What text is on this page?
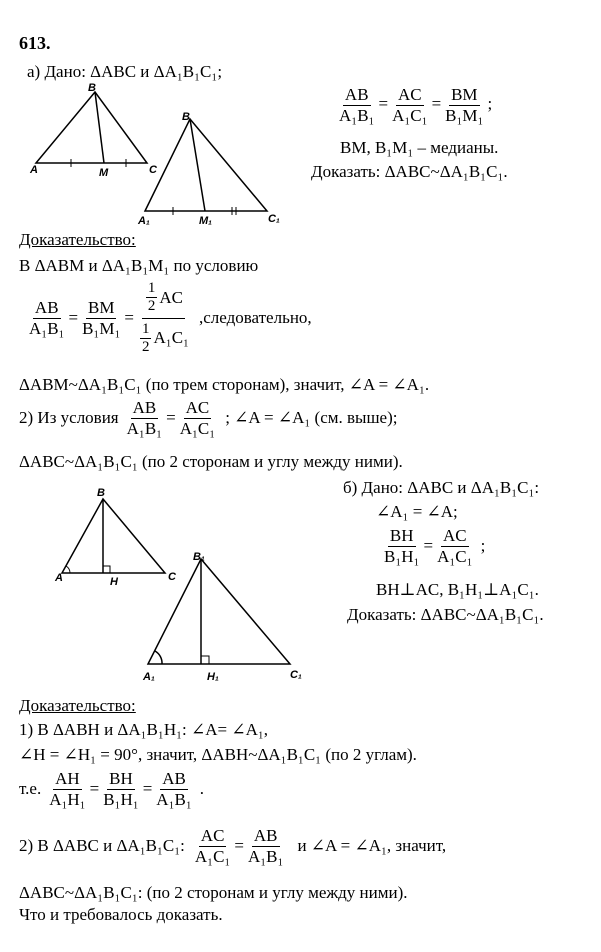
613.
а) Дано: ΔABC и ΔA₁B₁C₁;
$\frac{AB}{\text{A₁B₁}} = \frac{AC}{\text{A₁C₁}} = \frac{BM}{\text{B₁M₁}}$ ;
BM, B₁M₁ – медианы.
Доказать: ΔABC~ΔA₁B₁C₁.
B
A	M	C
B
A₁	M₁	C₁
B
A	H	C
B₁
A₁	H₁	C₁
Доказательство:
В ΔABM и ΔA₁B₁M₁ по условию
$\frac{AB}{\text{A₁B₁}} = \frac{BM}{\text{B₁M₁}} = \frac{\frac{1}{2} AC}{\frac{1}{2} A_1C_1}$ ,следовательно,
ΔABM~ΔA₁B₁C₁ (по трем сторонам), значит, ∠A = ∠A₁.
2) Из условия $\frac{AB}{\text{A₁B₁}} = \frac{AC}{\text{A₁C₁}}$ ; ∠A = ∠A₁ (см. выше);
ΔABC~ΔA₁B₁C₁ (по 2 сторонам и углу между ними).
б) Дано: ΔABC и ΔA₁B₁C₁:
∠A₁ = ∠A;
$\frac{BH}{\text{B₁H₁}} = \frac{AC}{\text{A₁C₁}}$ ;
BH⊥AC, B₁H₁⊥A₁C₁.
Доказать: ΔABC~ΔA₁B₁C₁.
Доказательство:
1) В ΔABH и ΔA₁B₁H₁: ∠A= ∠A₁,
∠H = ∠H₁ = 90°, значит, ΔABH~ΔA₁B₁C₁ (по 2 углам).
т.е. $\frac{AH}{\text{A₁H₁}} = \frac{BH}{\text{B₁H₁}} = \frac{AB}{\text{A₁B₁}}$ .
2) В ΔABC и ΔA₁B₁C₁: $\frac{AC}{\text{A₁C₁}} = \frac{AB}{\text{A₁B₁}}$ и ∠A = ∠A₁, значит,
ΔABC~ΔA₁B₁C₁: (по 2 сторонам и углу между ними).
Что и требовалось доказать.
